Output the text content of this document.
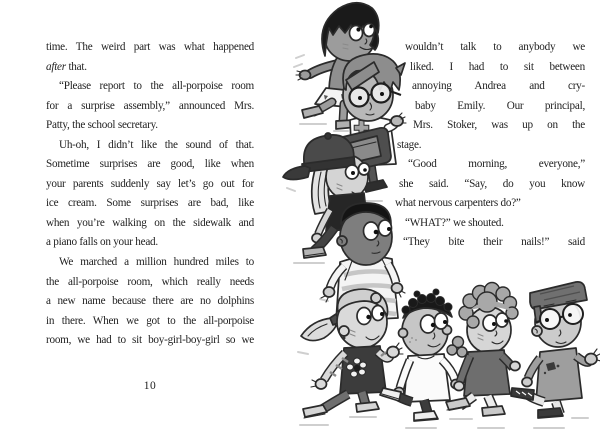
time. The weird part was what happened
after that.
“Please report to the all-porpoise room
for a surprise assembly,” announced Mrs.
Patty, the school secretary.
Uh-oh, I didn’t like the sound of that.
Sometime surprises are good, like when
your parents suddenly say let’s go out for
ice cream. Some surprises are bad, like
when you’re walking on the sidewalk and
a piano falls on your head.
We marched a million hundred miles to
the all-porpoise room, which really needs
a new name because there are no dolphins
in there. When we got to the all-porpoise
room, we had to sit boy-girl-boy-girl so we
10
wouldn’t talk to anybody we
liked. I had to sit between
annoying Andrea and cry-
baby Emily. Our principal,
Mrs. Stoker, was up on the
stage.
“Good morning, everyone,”
she said. “Say, do you know
what nervous carpenters do?”
“WHAT?” we shouted.
“They bite their nails!” said
